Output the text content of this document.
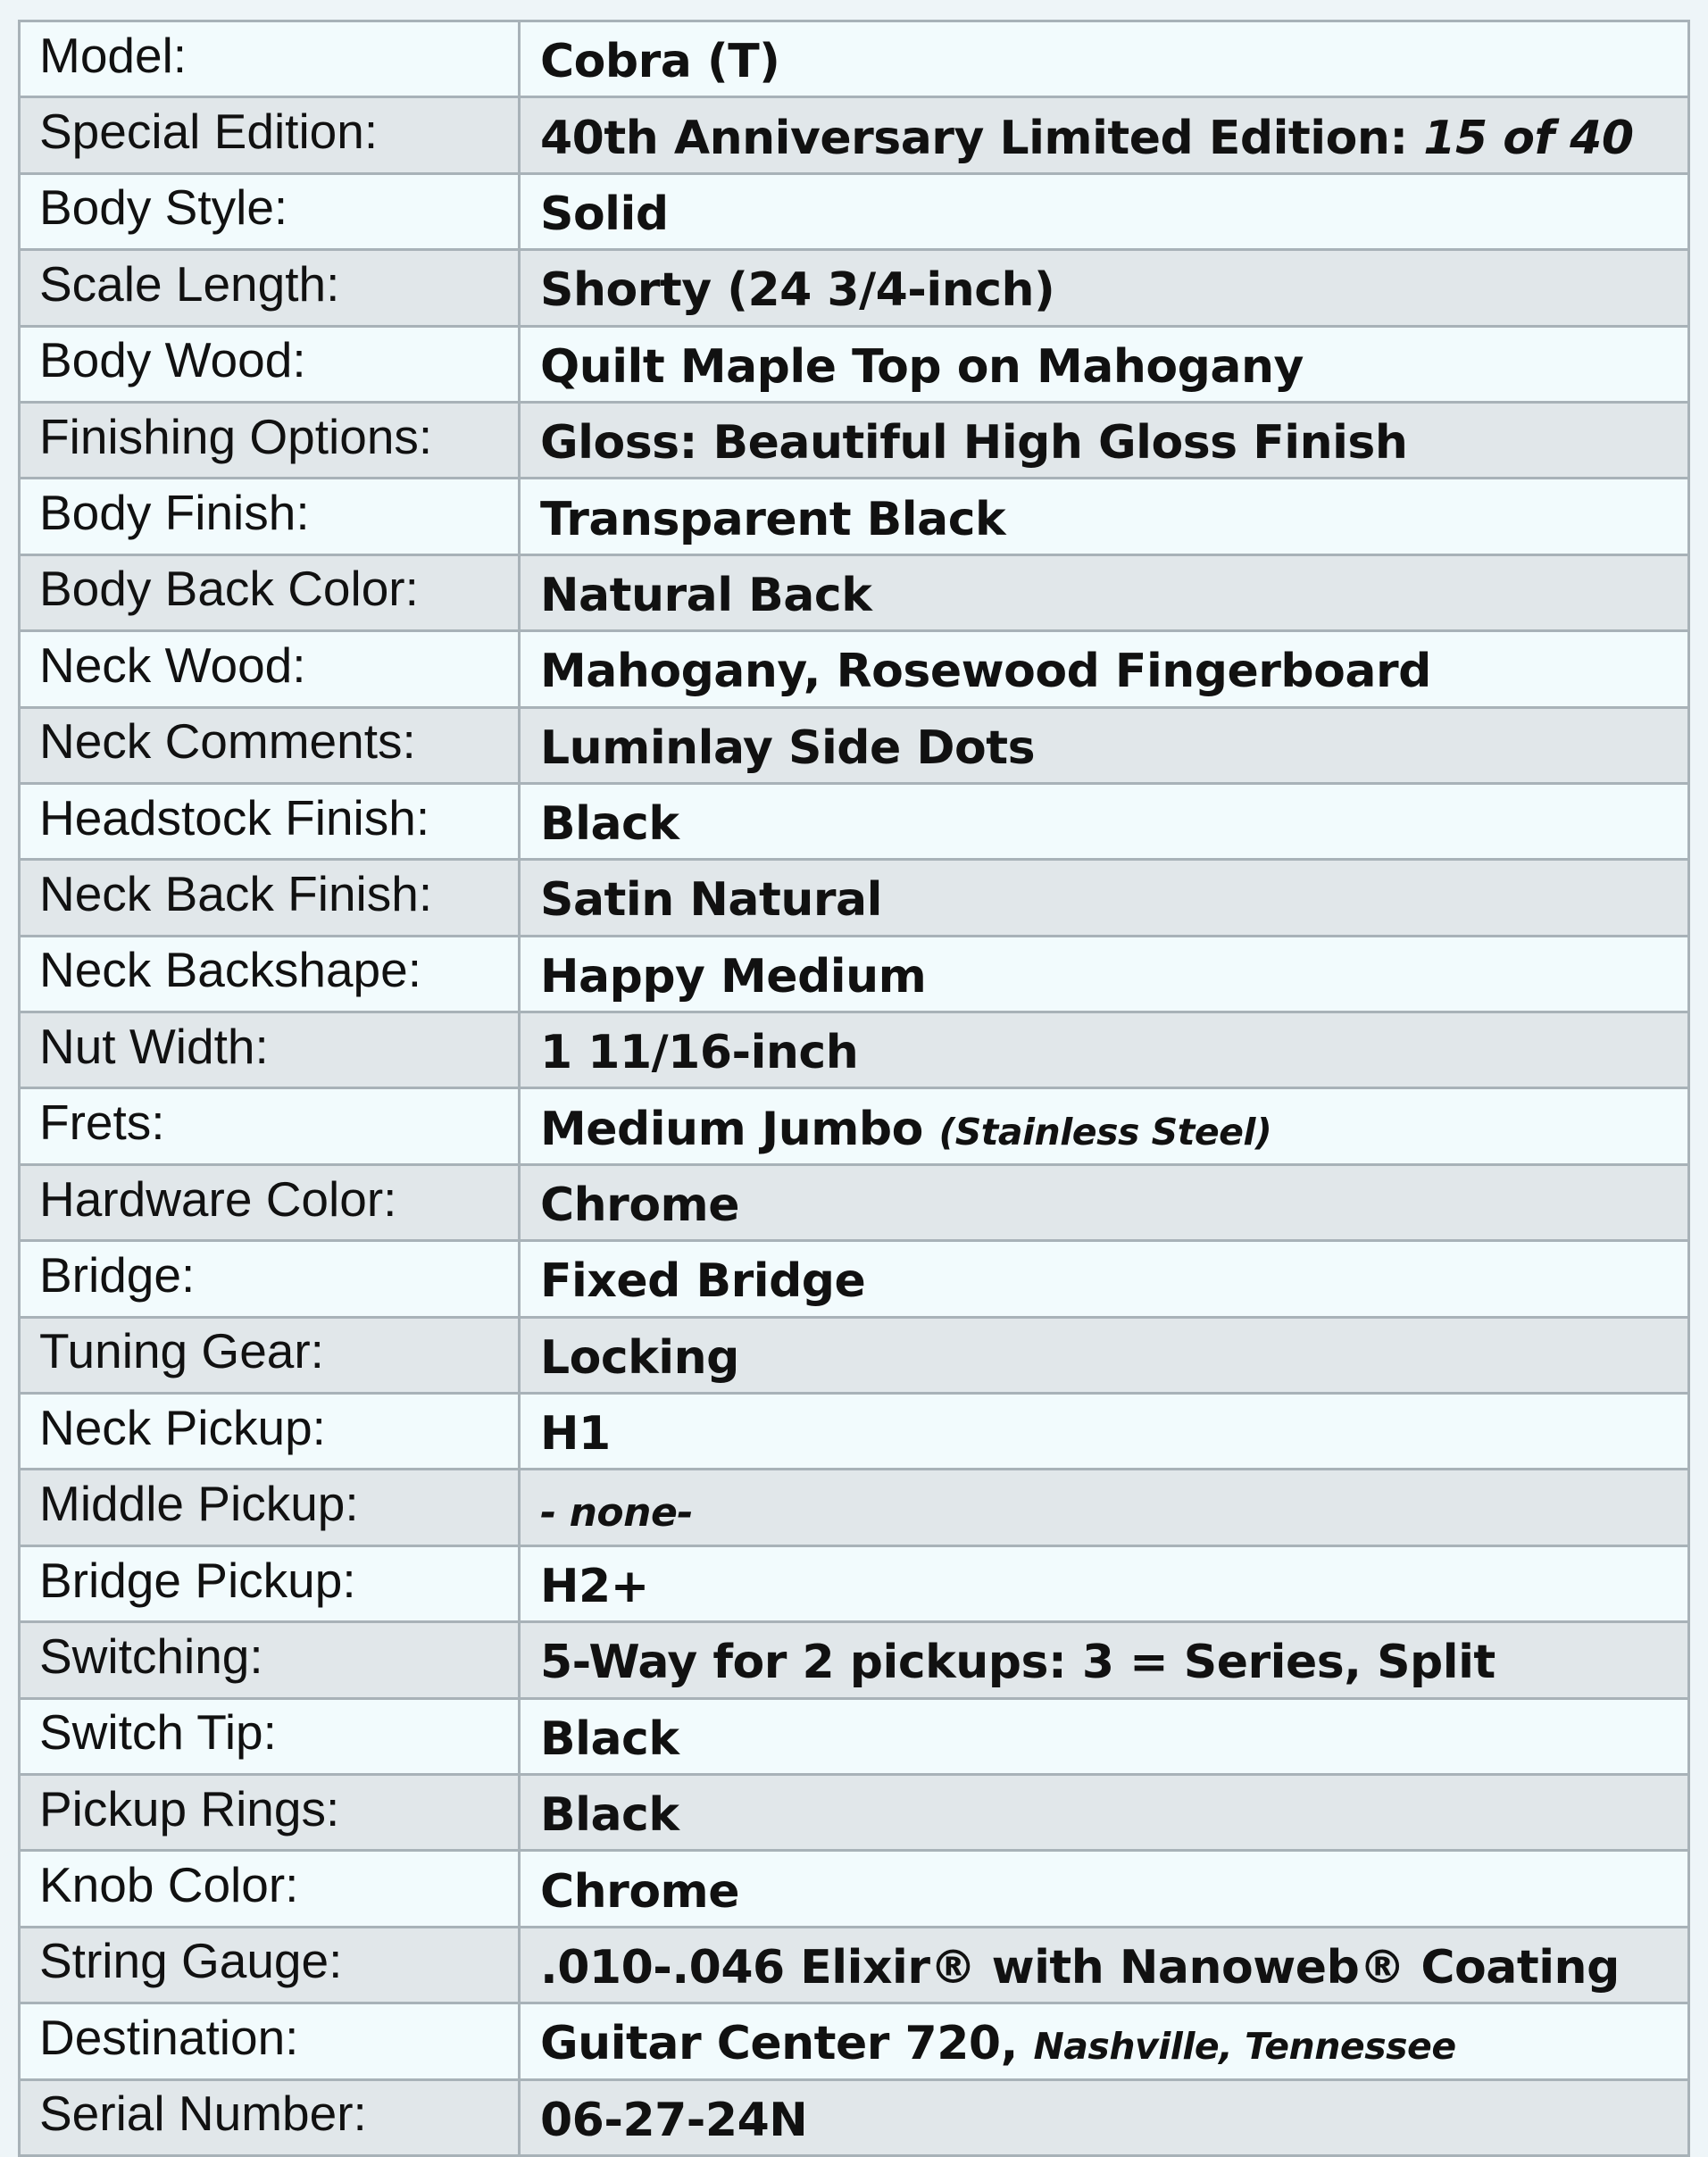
Model:	Cobra (T)
Special Edition:	40th Anniversary Limited Edition: 15 of 40
Body Style:	Solid
Scale Length:	Shorty (24 3/4-inch)
Body Wood:	Quilt Maple Top on Mahogany
Finishing Options:	Gloss: Beautiful High Gloss Finish
Body Finish:	Transparent Black
Body Back Color:	Natural Back
Neck Wood:	Mahogany, Rosewood Fingerboard
Neck Comments:	Luminlay Side Dots
Headstock Finish:	Black
Neck Back Finish:	Satin Natural
Neck Backshape:	Happy Medium
Nut Width:	1 11/16-inch
Frets:	Medium Jumbo (Stainless Steel)
Hardware Color:	Chrome
Bridge:	Fixed Bridge
Tuning Gear:	Locking
Neck Pickup:	H1
Middle Pickup:	- none-
Bridge Pickup:	H2+
Switching:	5-Way for 2 pickups: 3 = Series, Split
Switch Tip:	Black
Pickup Rings:	Black
Knob Color:	Chrome
String Gauge:	.010-.046 Elixir® with Nanoweb® Coating
Destination:	Guitar Center 720, Nashville, Tennessee
Serial Number:	06-27-24N
